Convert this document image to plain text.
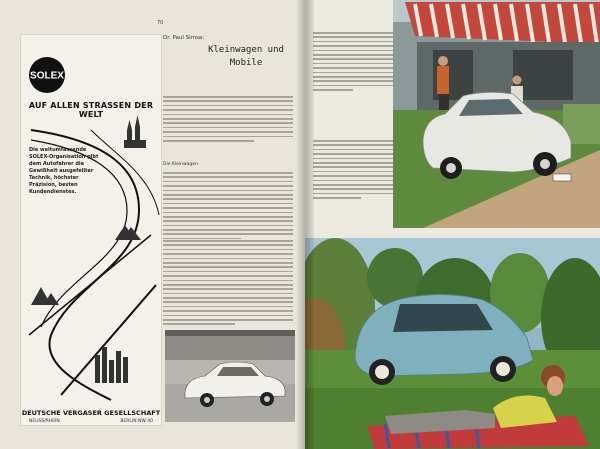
70
SOLEX
AUF ALLEN STRASSEN DER WELT
Die weltumfassende SOLEX-Organisation gibt dem Autofahrer die Gewißheit ausgefeilter Technik, höchster Präzision, besten Kundendienstes.
DEUTSCHE VERGASER GESELLSCHAFT
NEUSS/RHEIN	BERLIN NW 40
Dr. Paul Simsa:
Kleinwagen und Mobile
Die Kleinwagen
